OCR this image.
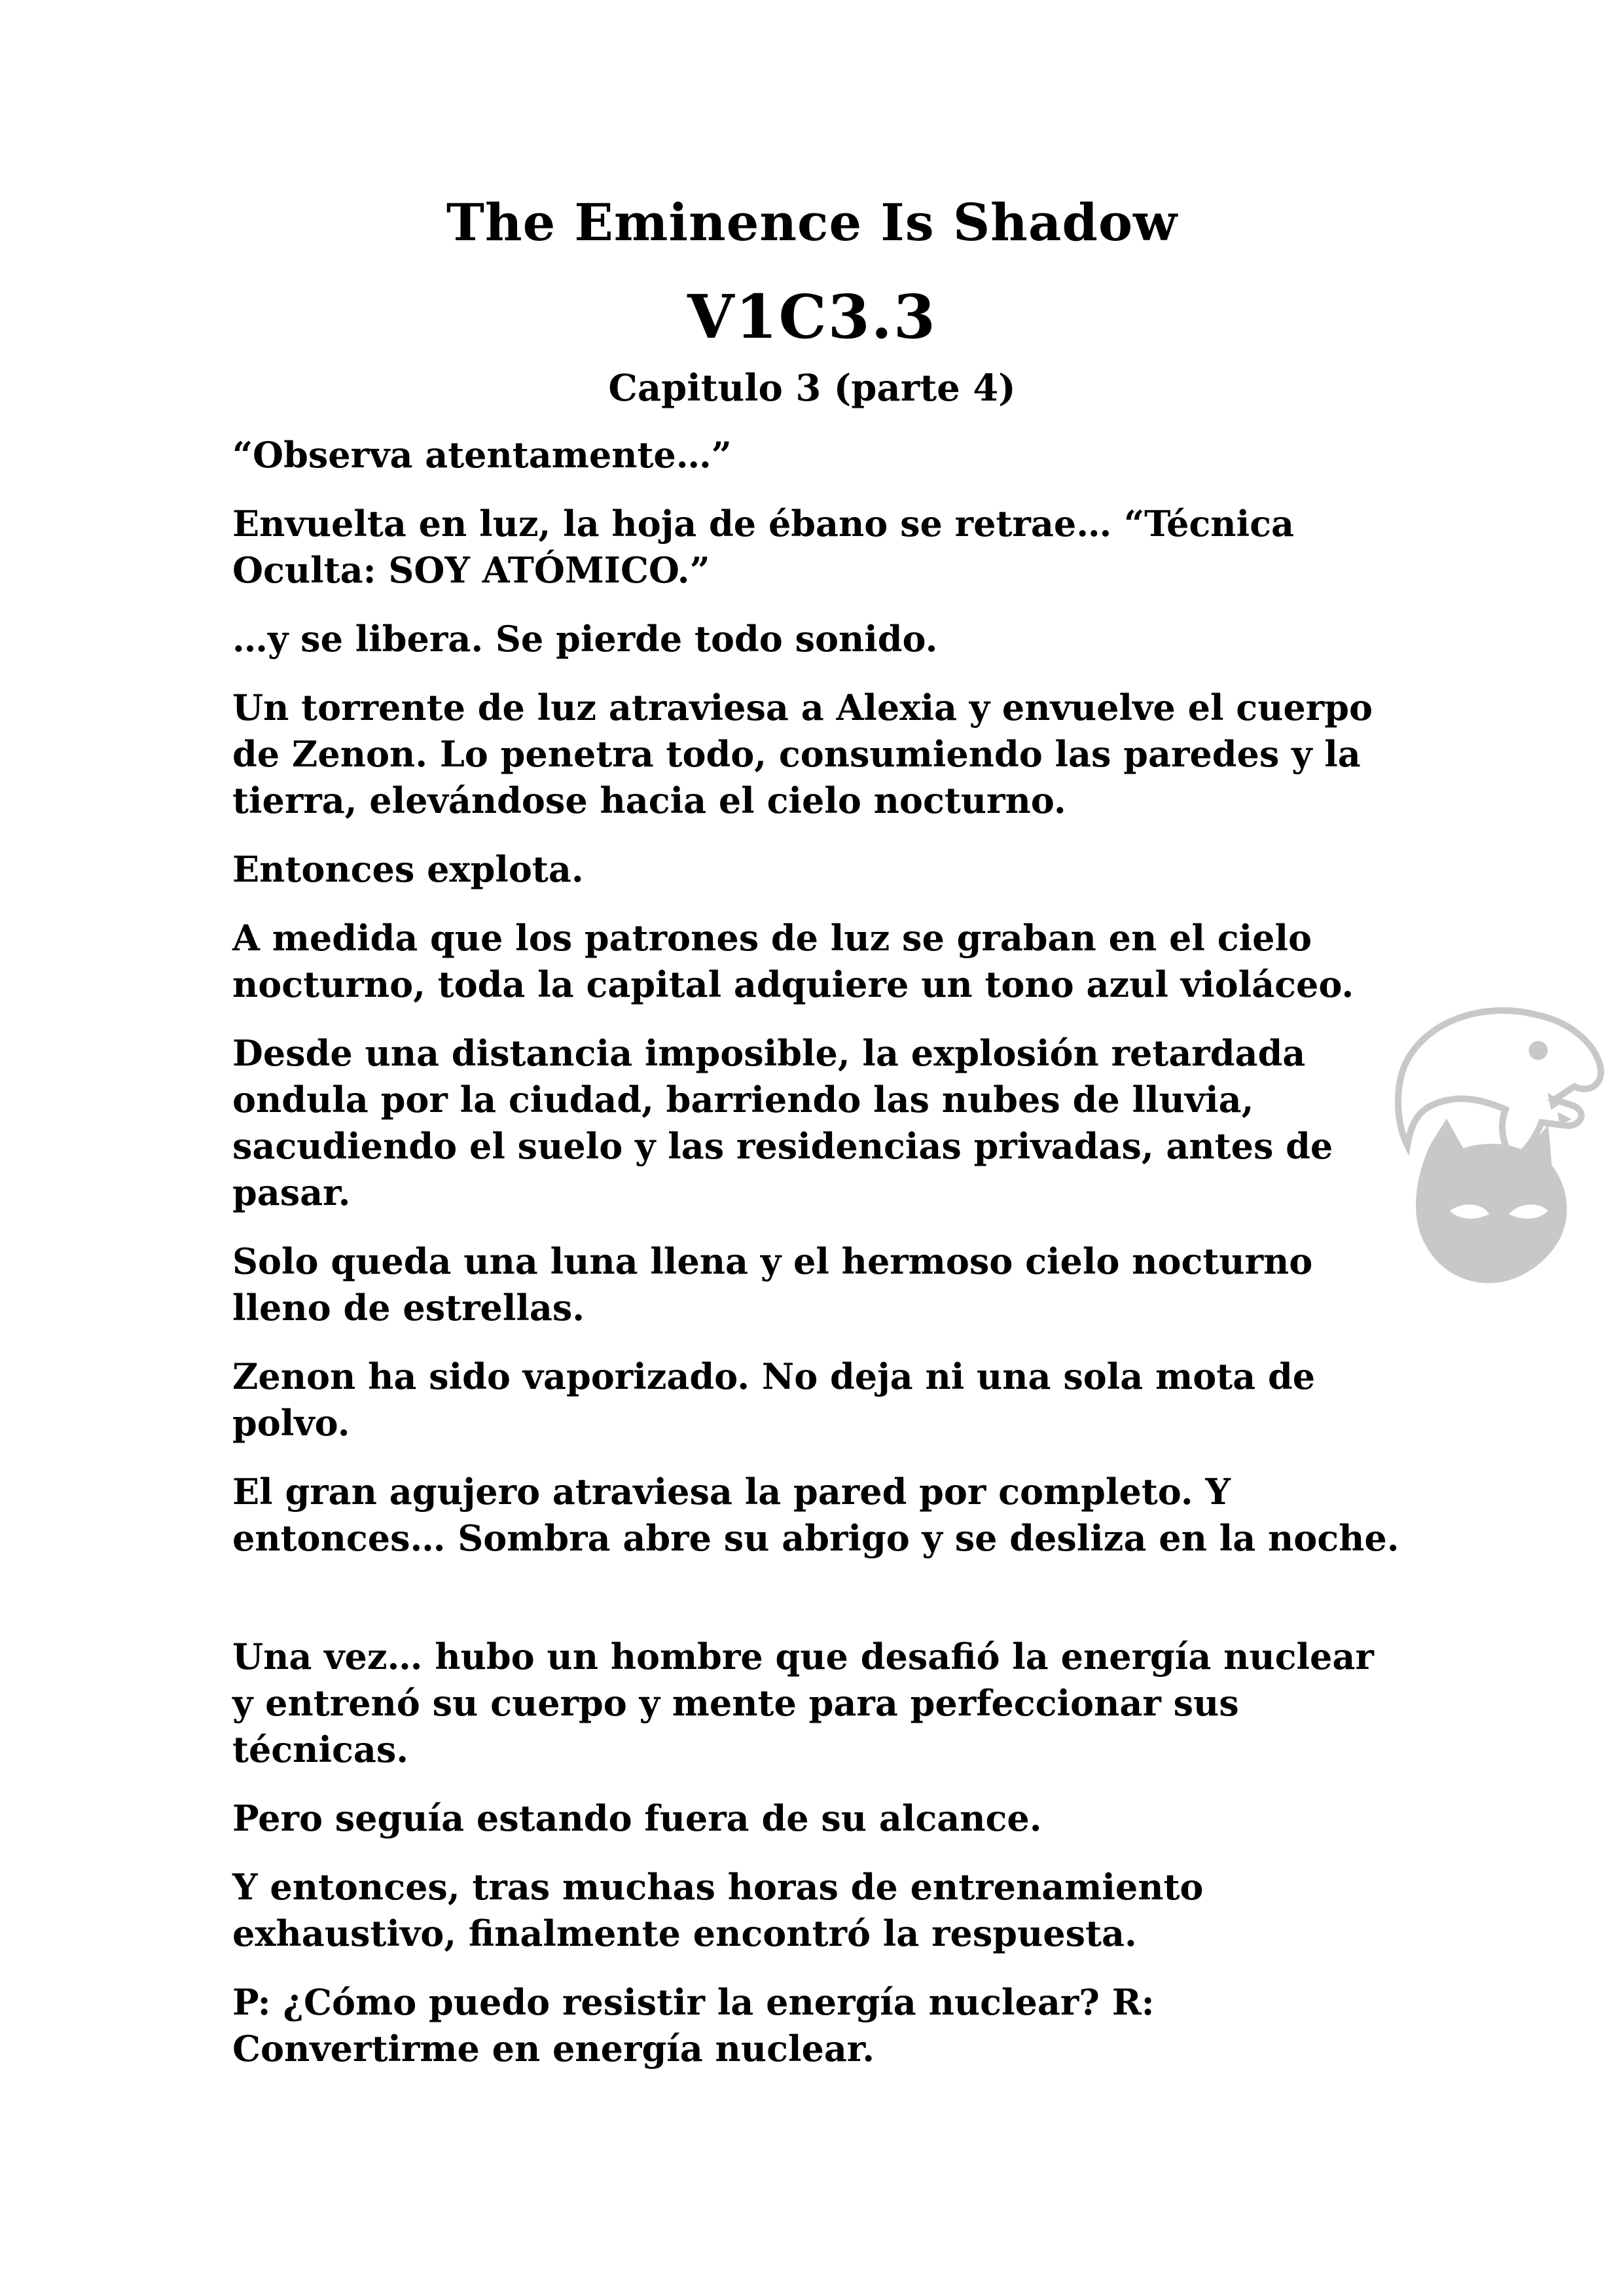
The Eminence Is Shadow
V1C3.3
Capitulo 3 (parte 4)

“Observa atentamente…”

Envuelta en luz, la hoja de ébano se retrae… “Técnica Oculta: SOY ATÓMICO.”

…y se libera. Se pierde todo sonido.

Un torrente de luz atraviesa a Alexia y envuelve el cuerpo de Zenon. Lo penetra todo, consumiendo las paredes y la tierra, elevándose hacia el cielo nocturno.

Entonces explota.

A medida que los patrones de luz se graban en el cielo nocturno, toda la capital adquiere un tono azul violáceo.

Desde una distancia imposible, la explosión retardada ondula por la ciudad, barriendo las nubes de lluvia, sacudiendo el suelo y las residencias privadas, antes de pasar.

Solo queda una luna llena y el hermoso cielo nocturno lleno de estrellas.

Zenon ha sido vaporizado. No deja ni una sola mota de polvo.

El gran agujero atraviesa la pared por completo. Y entonces… Sombra abre su abrigo y se desliza en la noche.

Una vez… hubo un hombre que desafió la energía nuclear y entrenó su cuerpo y mente para perfeccionar sus técnicas.

Pero seguía estando fuera de su alcance.

Y entonces, tras muchas horas de entrenamiento exhaustivo, finalmente encontró la respuesta.

P: ¿Cómo puedo resistir la energía nuclear? R: Convertirme en energía nuclear.
